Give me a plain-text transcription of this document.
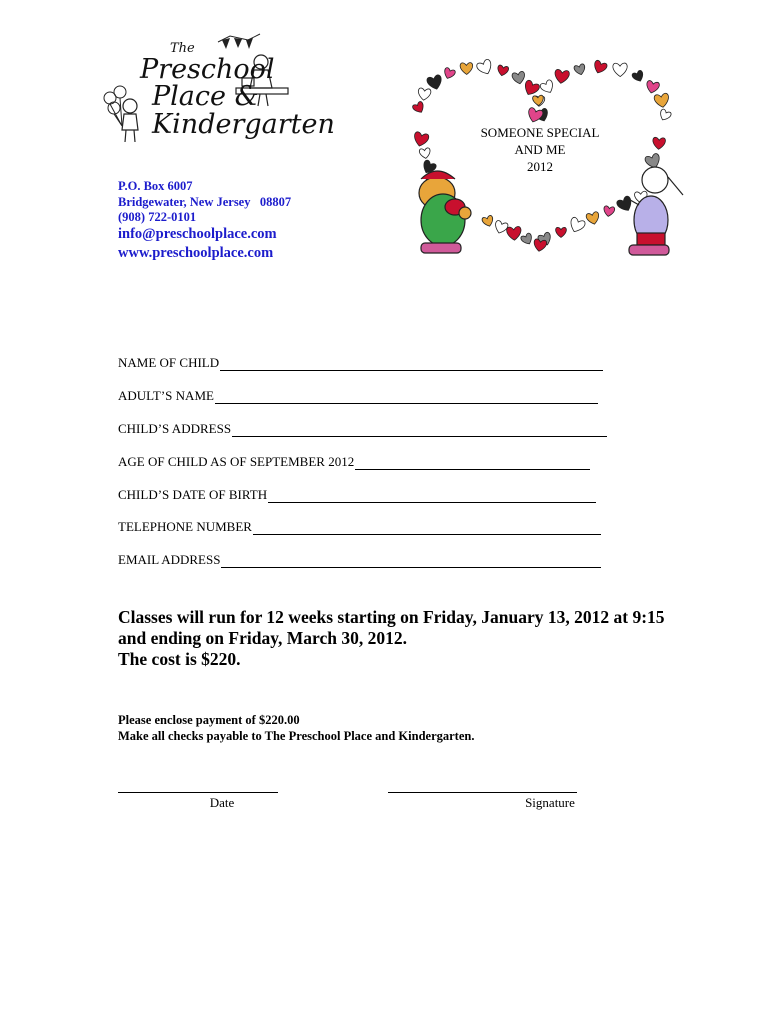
The
Preschool
Place &
Kindergarten
P.O. Box 6007
Bridgewater, New Jersey   08807
(908) 722-0101
info@preschoolplace.com
www.preschoolplace.com
SOMEONE SPECIAL
AND ME
2012
NAME OF CHILD
ADULT’S NAME
CHILD’S ADDRESS
AGE OF CHILD AS OF SEPTEMBER 2012
CHILD’S DATE OF BIRTH
TELEPHONE NUMBER
EMAIL ADDRESS
Classes will run for 12 weeks starting on Friday, January 13, 2012 at 9:15
and ending on Friday, March 30, 2012.
The cost is $220.
Please enclose payment of $220.00
Make all checks payable to The Preschool Place and Kindergarten.
Date	Signature
